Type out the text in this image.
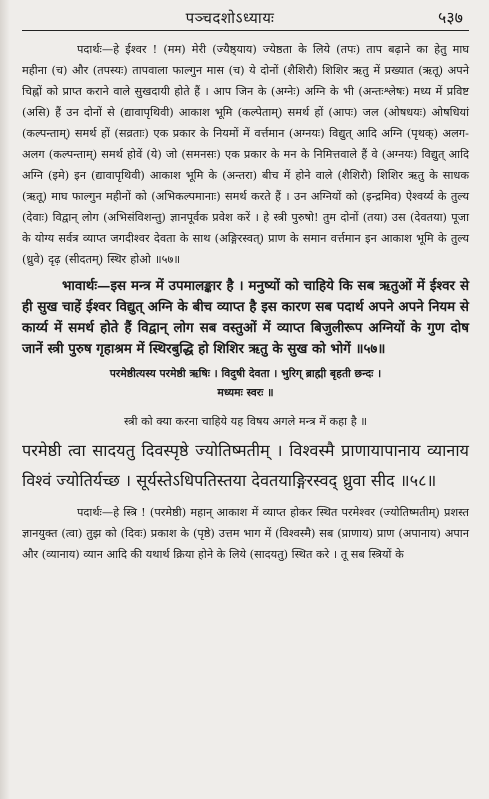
पञ्चदशोऽध्यायः	५३७

पदार्थः—हे ईश्वर ! (मम) मेरी (ज्यैष्ठ्याय) ज्येष्ठता के लिये (तपः) ताप बढ़ाने का हेतु माघ महीना (च) और (तपस्यः) तापवाला फाल्गुन मास (च) ये दोनों (शैशिरौ) शिशिर ऋतु में प्रख्यात (ऋतू) अपने चिह्नों को प्राप्त कराने वाले सुखदायी होते हैं । आप जिन के (अग्नेः) अग्नि के भी (अन्तःश्लेषः) मध्य में प्रविष्ट (असि) हैं उन दोनों से (द्यावापृथिवी) आकाश भूमि (कल्पेताम्) समर्थ हों (आपः) जल (ओषधयः) ओषधियां (कल्पन्ताम्) समर्थ हों (सव्रताः) एक प्रकार के नियमों में वर्त्तमान (अग्नयः) विद्युत् आदि अग्नि (पृथक्) अलग-अलग (कल्पन्ताम्) समर्थ होवें (ये) जो (समनसः) एक प्रकार के मन के निमित्तवाले हैं वे (अग्नयः) विद्युत् आदि अग्नि (इमे) इन (द्यावापृथिवी) आकाश भूमि के (अन्तरा) बीच में होने वाले (शैशिरौ) शिशिर ऋतु के साधक (ऋतू) माघ फाल्गुन महीनों को (अभिकल्पमानाः) समर्थ करते हैं । उन अग्नियों को (इन्द्रमिव) ऐश्वर्य्य के तुल्य (देवाः) विद्वान् लोग (अभिसंविशन्तु) ज्ञानपूर्वक प्रवेश करें । हे स्त्री पुरुषो! तुम दोनों (तया) उस (देवतया) पूजा के योग्य सर्वत्र व्याप्त जगदीश्वर देवता के साथ (अङ्गिरस्वत्) प्राण के समान वर्त्तमान इन आकाश भूमि के तुल्य (ध्रुवे) दृढ़ (सीदतम्) स्थिर होओ ॥५७॥

भावार्थः—इस मन्त्र में उपमालङ्कार है । मनुष्यों को चाहिये कि सब ऋतुओं में ईश्वर से ही सुख चाहें ईश्वर विद्युत् अग्नि के बीच व्याप्त है इस कारण सब पदार्थ अपने अपने नियम से कार्य्य में समर्थ होते हैं विद्वान् लोग सब वस्तुओं में व्याप्त बिजुलीरूप अग्नियों के गुण दोष जानें स्त्री पुरुष गृहाश्रम में स्थिरबुद्धि हो शिशिर ऋतु के सुख को भोगें ॥५७॥

परमेष्ठीत्यस्य परमेष्ठी ऋषिः । विदुषी देवता । भुरिग् ब्राह्मी बृहती छन्दः ।

मध्यमः स्वरः ॥

स्त्री को क्या करना चाहिये यह विषय अगले मन्त्र में कहा है ॥

परमेष्ठी त्वा सादयतु दिवस्पृष्ठे ज्योतिष्मतीम् । विश्वस्मै प्राणायापानाय व्यानाय विश्वं ज्योतिर्यच्छ । सूर्यस्तेऽधिपतिस्तया देवतयाङ्गिरस्वद् ध्रुवा सीद ॥५८॥

पदार्थः—हे स्त्रि ! (परमेष्ठी) महान् आकाश में व्याप्त होकर स्थित परमेश्वर (ज्योतिष्मतीम्) प्रशस्त ज्ञानयुक्त (त्वा) तुझ को (दिवः) प्रकाश के (पृष्ठे) उत्तम भाग में (विश्वस्मै) सब (प्राणाय) प्राण (अपानाय) अपान और (व्यानाय) व्यान आदि की यथार्थ क्रिया होने के लिये (सादयतु) स्थित करे । तू सब स्त्रियों के
